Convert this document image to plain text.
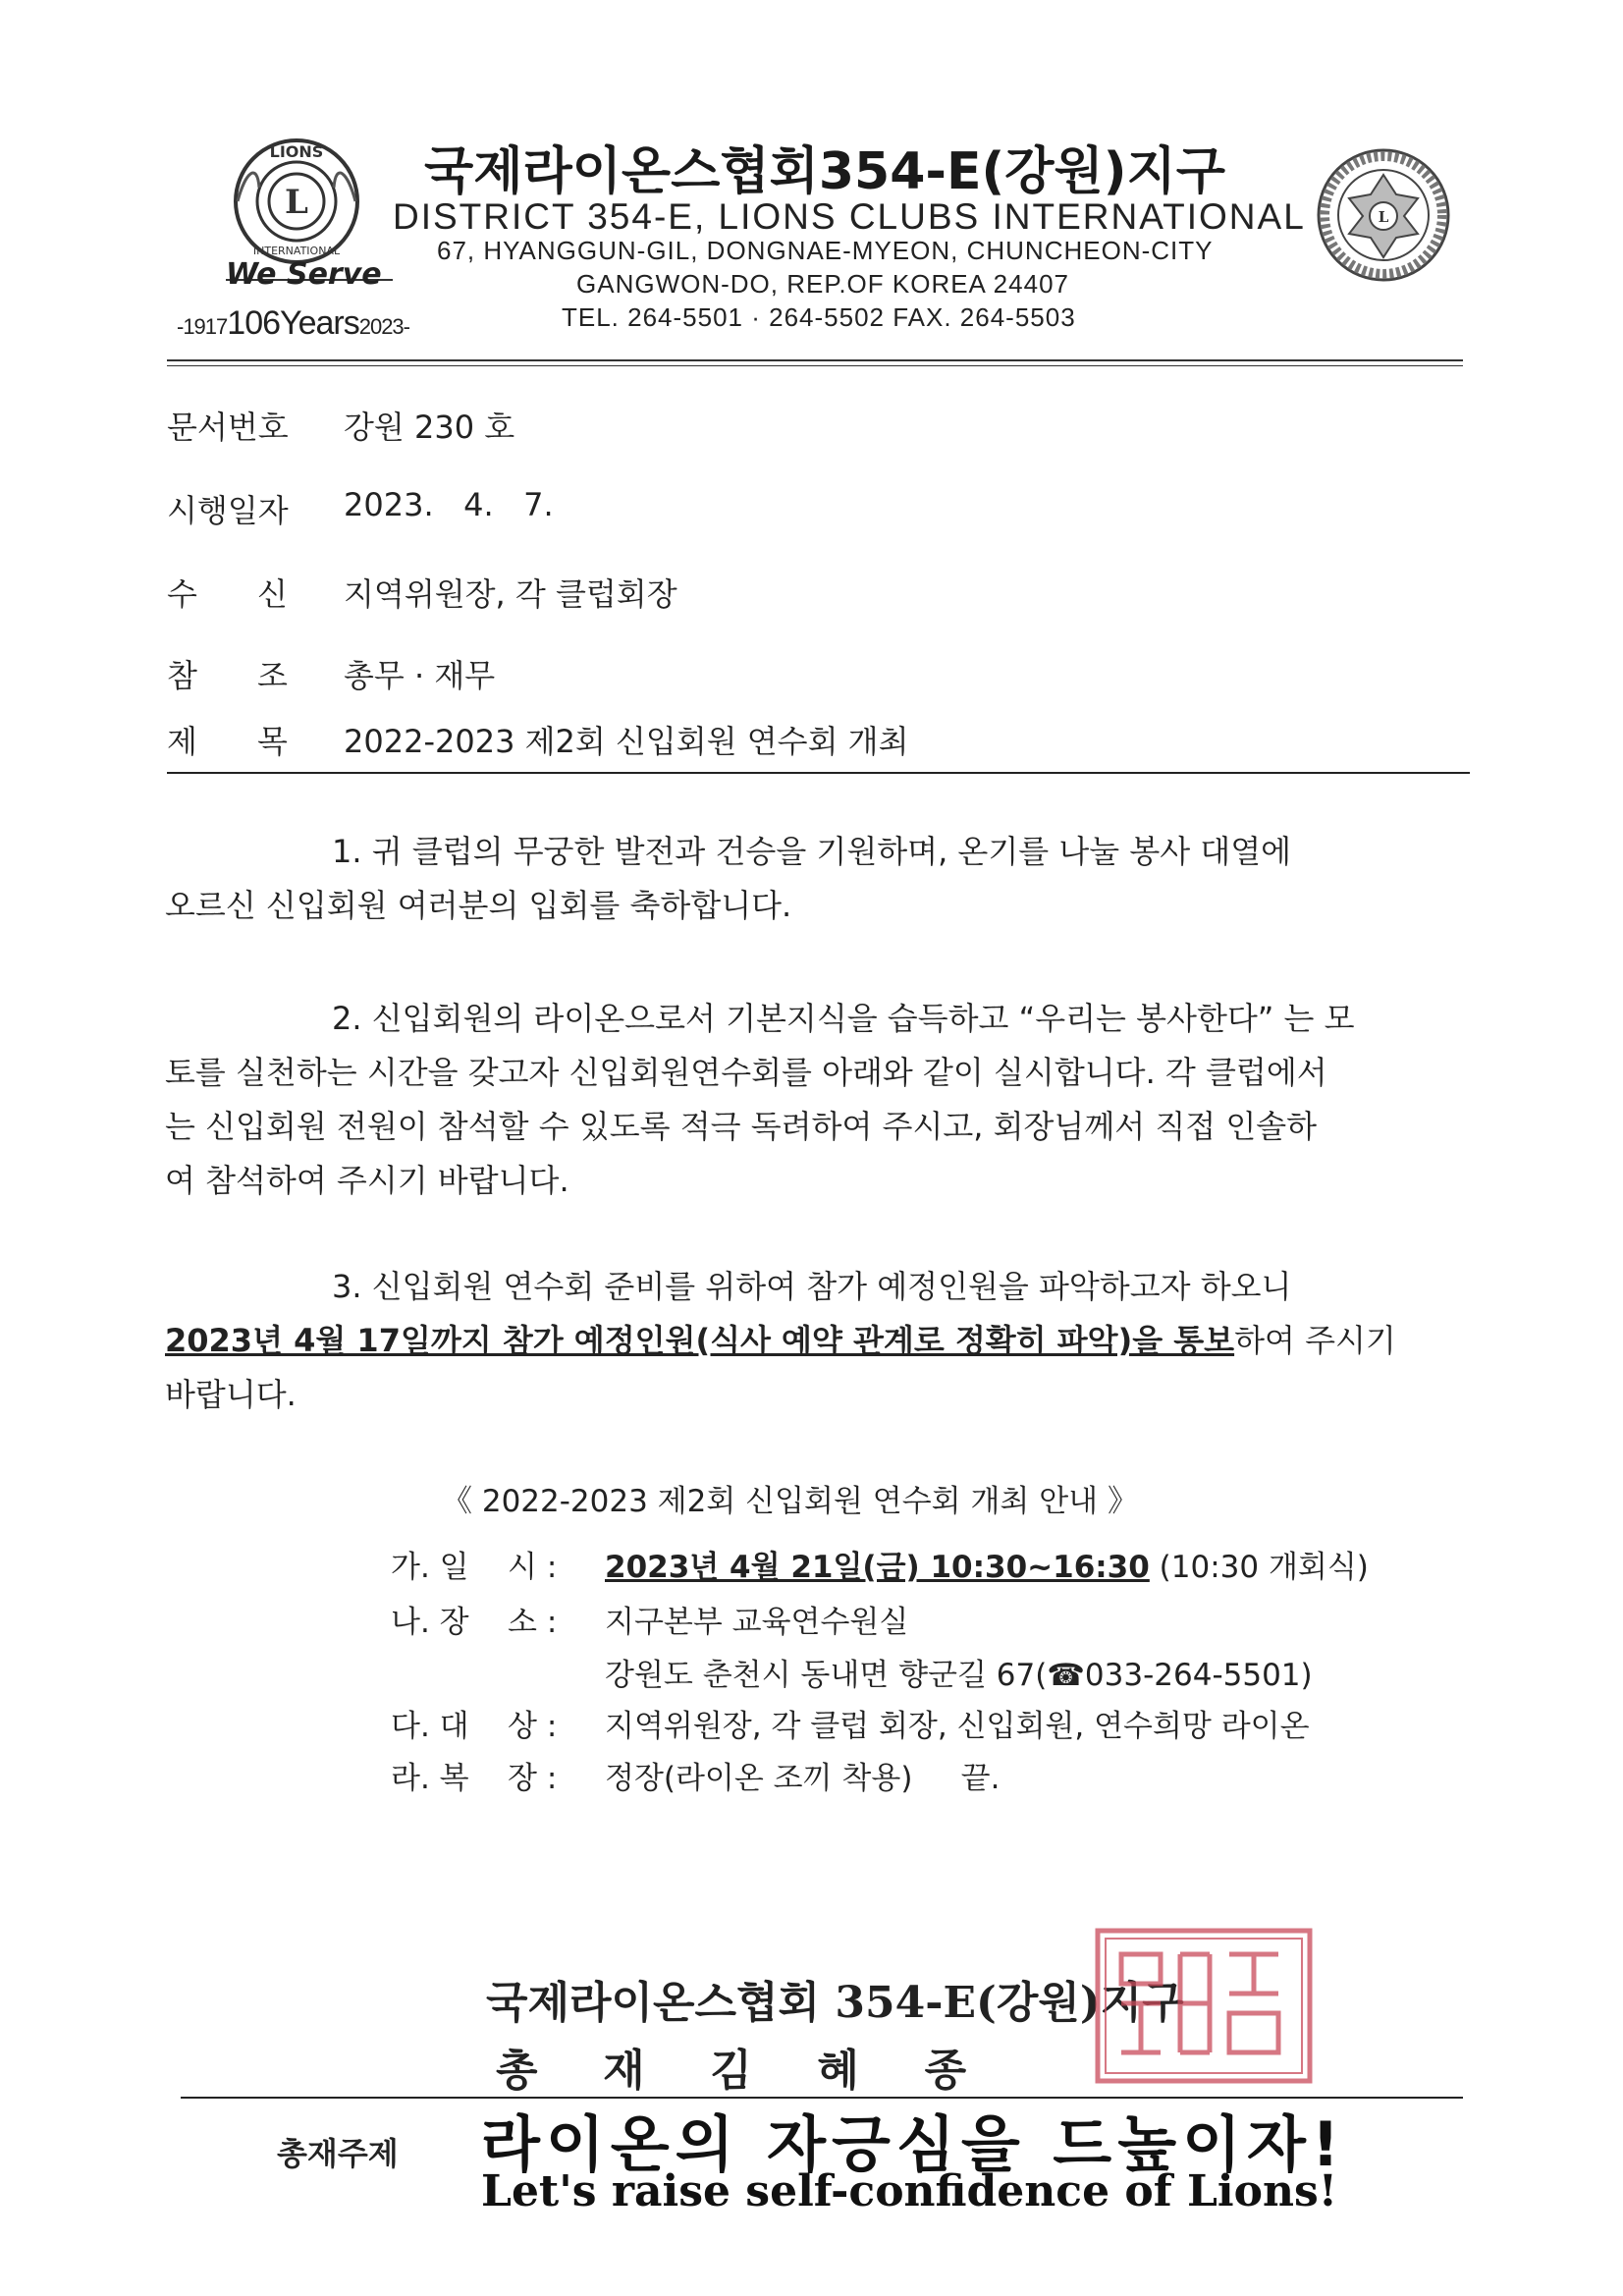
L
LIONS
INTERNATIONAL
We Serve
-1917106Years2023-
국제라이온스협회354-E(강원)지구
DISTRICT 354-E, LIONS CLUBS INTERNATIONAL
67, HYANGGUN-GIL, DONGNAE-MYEON, CHUNCHEON-CITY
GANGWON-DO, REP.OF KOREA 24407
TEL. 264-5501 · 264-5502 FAX. 264-5503
L
문서번호 강원 230 호
시행일자 2023.   4.   7.
수      신 지역위원장, 각 클럽회장
참      조 총무 · 재무
제      목 2022-2023 제2회 신입회원 연수회 개최
1. 귀 클럽의 무궁한 발전과 건승을 기원하며, 온기를 나눌 봉사 대열에
오르신 신입회원 여러분의 입회를 축하합니다.
2. 신입회원의 라이온으로서 기본지식을 습득하고 “우리는 봉사한다” 는 모
토를 실천하는 시간을 갖고자 신입회원연수회를 아래와 같이 실시합니다. 각 클럽에서
는 신입회원 전원이 참석할 수 있도록 적극 독려하여 주시고, 회장님께서 직접 인솔하
여 참석하여 주시기 바랍니다.
3. 신입회원 연수회 준비를 위하여 참가 예정인원을 파악하고자 하오니
2023년 4월 17일까지 참가 예정인원(식사 예약 관계로 정확히 파악)을 통보하여 주시기
바랍니다.
《 2022-2023 제2회 신입회원 연수회 개최 안내 》
가. 일    시 : 2023년 4월 21일(금) 10:30~16:30 (10:30 개회식)
나. 장    소 : 지구본부 교육연수원실
강원도 춘천시 동내면 향군길 67(☎033-264-5501)
다. 대    상 : 지역위원장, 각 클럽 회장, 신입회원, 연수희망 라이온
라. 복    장 : 정장(라이온 조끼 착용)     끝.
국제라이온스협회 354-E(강원)지구
총  재  김  혜  종
총재주제 라이온의 자긍심을 드높이자!
Let's raise self-confidence of Lions!
